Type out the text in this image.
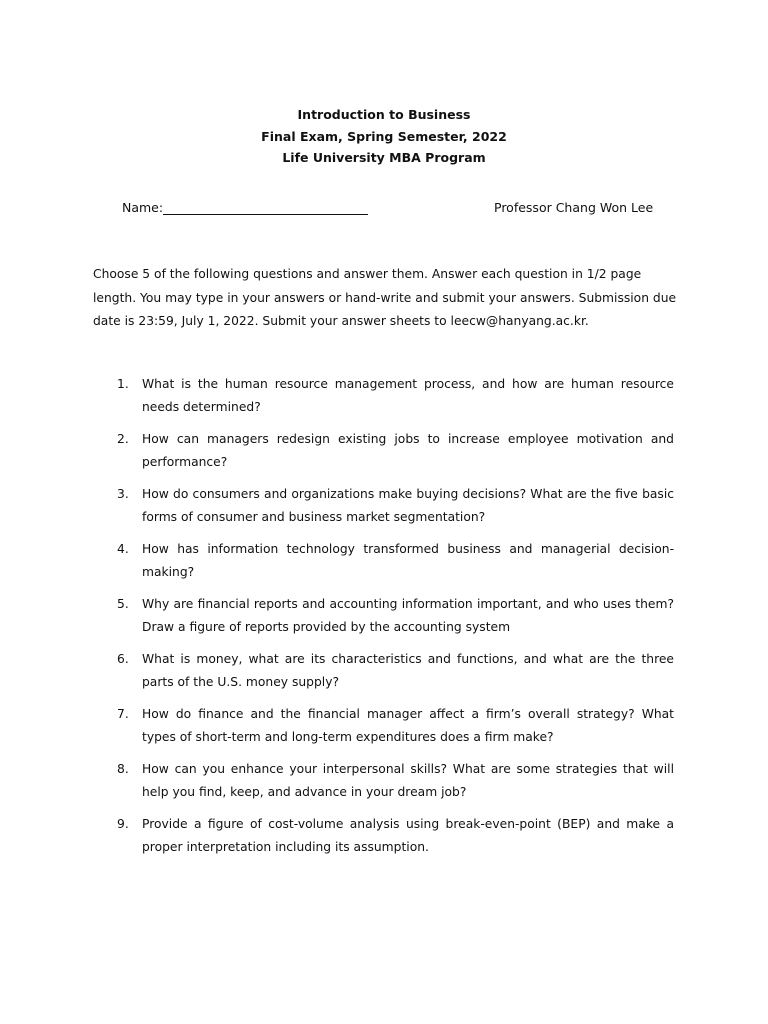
Introduction to Business
Final Exam, Spring Semester, 2022
Life University MBA Program
Name:	Professor Chang Won Lee
Choose 5 of the following questions and answer them. Answer each question in 1/2 page length. You may type in your answers or hand-write and submit your answers. Submission due date is 23:59, July 1, 2022. Submit your answer sheets to leecw@hanyang.ac.kr.
1.	What is the human resource management process, and how are human resource needs determined?
2.	How can managers redesign existing jobs to increase employee motivation and performance?
3.	How do consumers and organizations make buying decisions? What are the five basic forms of consumer and business market segmentation?
4.	How has information technology transformed business and managerial decision-making?
5.	Why are financial reports and accounting information important, and who uses them? Draw a figure of reports provided by the accounting system
6.	What is money, what are its characteristics and functions, and what are the three parts of the U.S. money supply?
7.	How do finance and the financial manager affect a firm’s overall strategy? What types of short-term and long-term expenditures does a firm make?
8.	How can you enhance your interpersonal skills? What are some strategies that will help you find, keep, and advance in your dream job?
9.	Provide a figure of cost-volume analysis using break-even-point (BEP) and make a proper interpretation including its assumption.
